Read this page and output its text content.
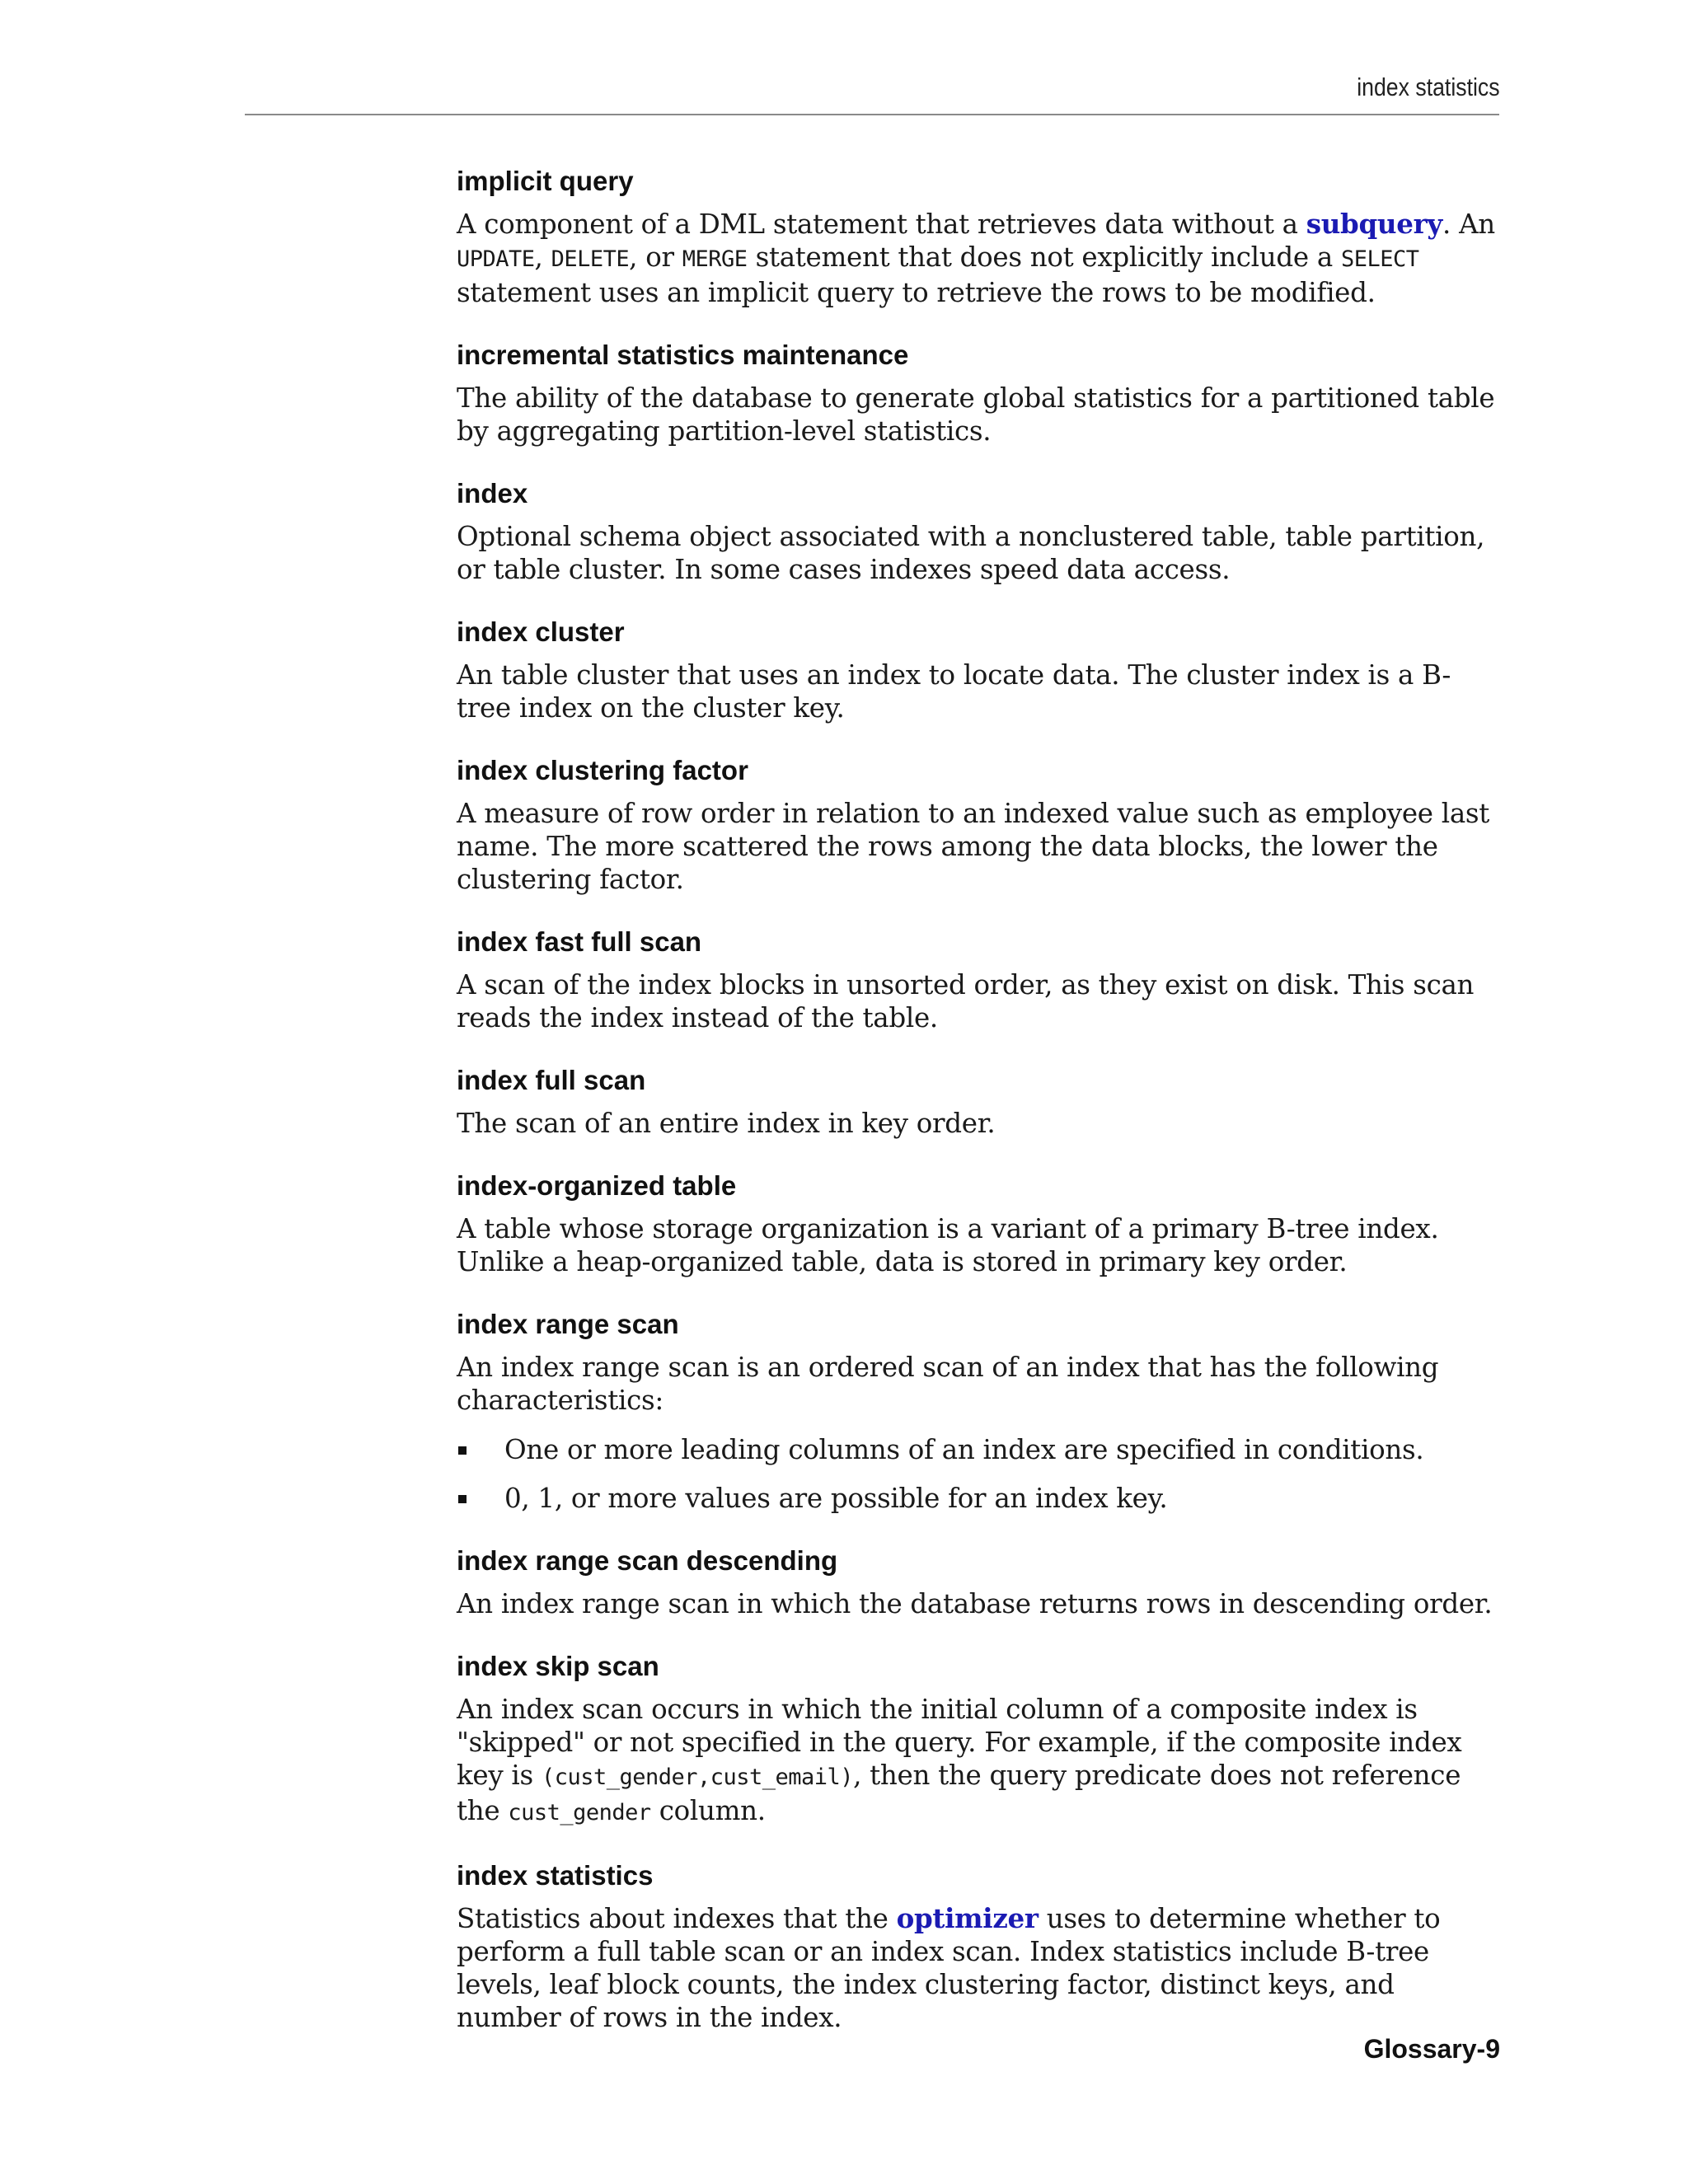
index statistics
implicit query

A component of a DML statement that retrieves data without a subquery. An UPDATE, DELETE, or MERGE statement that does not explicitly include a SELECT statement uses an implicit query to retrieve the rows to be modified.

incremental statistics maintenance

The ability of the database to generate global statistics for a partitioned table by aggregating partition-level statistics.

index

Optional schema object associated with a nonclustered table, table partition, or table cluster. In some cases indexes speed data access.

index cluster

An table cluster that uses an index to locate data. The cluster index is a B-tree index on the cluster key.

index clustering factor

A measure of row order in relation to an indexed value such as employee last name. The more scattered the rows among the data blocks, the lower the clustering factor.

index fast full scan

A scan of the index blocks in unsorted order, as they exist on disk. This scan reads the index instead of the table.

index full scan

The scan of an entire index in key order.

index-organized table

A table whose storage organization is a variant of a primary B-tree index. Unlike a heap-organized table, data is stored in primary key order.

index range scan

An index range scan is an ordered scan of an index that has the following characteristics:

One or more leading columns of an index are specified in conditions.
0, 1, or more values are possible for an index key.
index range scan descending

An index range scan in which the database returns rows in descending order.

index skip scan

An index scan occurs in which the initial column of a composite index is "skipped" or not specified in the query. For example, if the composite index key is (cust_gender,cust_email), then the query predicate does not reference the cust_gender column.

index statistics

Statistics about indexes that the optimizer uses to determine whether to perform a full table scan or an index scan. Index statistics include B-tree levels, leaf block counts, the index clustering factor, distinct keys, and number of rows in the index.

Glossary-9
